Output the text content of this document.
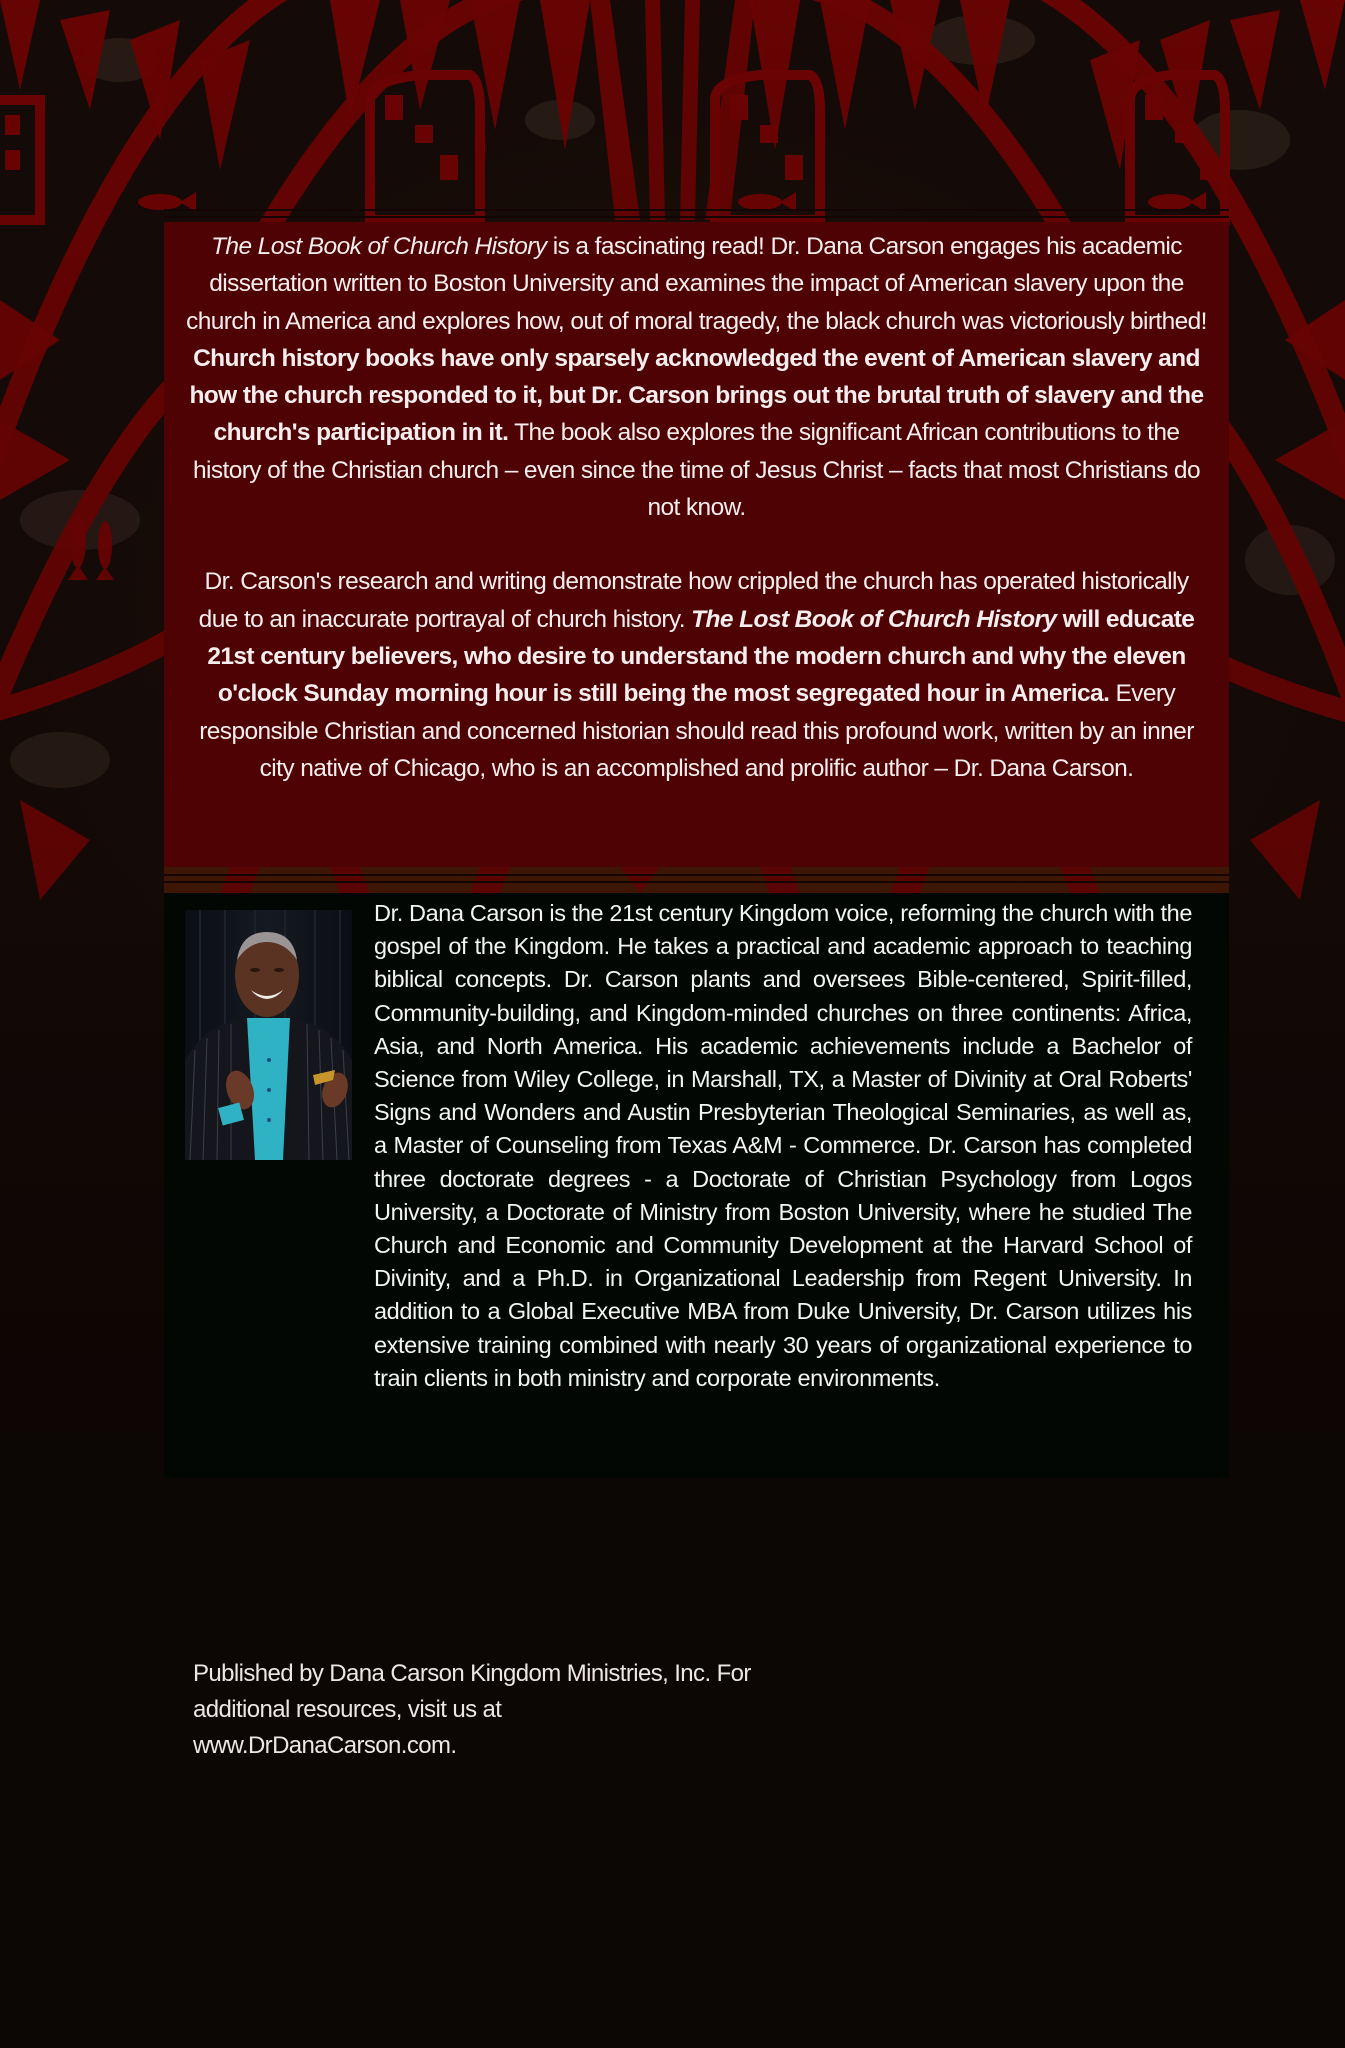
The Lost Book of Church History is a fascinating read! Dr. Dana Carson engages his academic dissertation written to Boston University and examines the impact of American slavery upon the church in America and explores how, out of moral tragedy, the black church was victoriously birthed! Church history books have only sparsely acknowledged the event of American slavery and how the church responded to it, but Dr. Carson brings out the brutal truth of slavery and the church's participation in it. The book also explores the significant African contributions to the history of the Christian church – even since the time of Jesus Christ – facts that most Christians do not know.

Dr. Carson's research and writing demonstrate how crippled the church has operated historically due to an inaccurate portrayal of church history. The Lost Book of Church History will educate 21st century believers, who desire to understand the modern church and why the eleven o'clock Sunday morning hour is still being the most segregated hour in America. Every responsible Christian and concerned historian should read this profound work, written by an inner city native of Chicago, who is an accomplished and prolific author – Dr. Dana Carson.

Dr. Dana Carson is the 21st century Kingdom voice, reforming the church with the gospel of the Kingdom. He takes a practical and academic approach to teaching biblical concepts. Dr. Carson plants and oversees Bible-centered, Spirit-filled, Community-building, and Kingdom-minded churches on three continents: Africa, Asia, and North America. His academic achievements include a Bachelor of Science from Wiley College, in Marshall, TX, a Master of Divinity at Oral Roberts' Signs and Wonders and Austin Presbyterian Theological Seminaries, as well as, a Master of Counseling from Texas A&M - Commerce. Dr. Carson has completed three doctorate degrees - a Doctorate of Christian Psychology from Logos University, a Doctorate of Ministry from Boston University, where he studied The Church and Economic and Community Development at the Harvard School of Divinity, and a Ph.D. in Organizational Leadership from Regent University. In addition to a Global Executive MBA from Duke University, Dr. Carson utilizes his extensive training combined with nearly 30 years of organizational experience to train clients in both ministry and corporate environments.

Published by Dana Carson Kingdom Ministries, Inc. For additional resources, visit us at www.DrDanaCarson.com.
